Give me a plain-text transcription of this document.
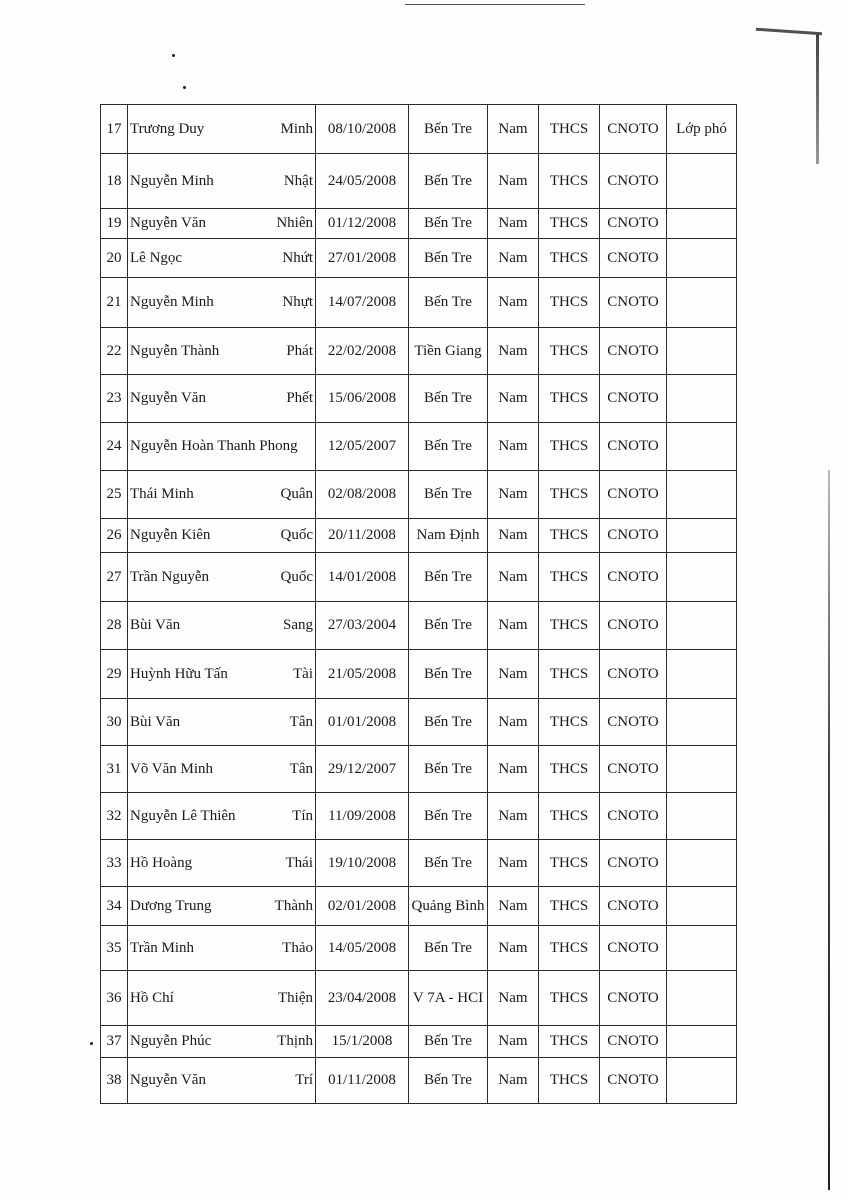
17	Trương Duy	Minh	08/10/2008	Bến Tre	Nam	THCS	CNOTO	Lớp phó
18	Nguyễn Minh	Nhật	24/05/2008	Bến Tre	Nam	THCS	CNOTO	
19	Nguyễn Văn	Nhiên	01/12/2008	Bến Tre	Nam	THCS	CNOTO	
20	Lê Ngọc	Nhứt	27/01/2008	Bến Tre	Nam	THCS	CNOTO	
21	Nguyễn Minh	Nhựt	14/07/2008	Bến Tre	Nam	THCS	CNOTO	
22	Nguyễn Thành	Phát	22/02/2008	Tiền Giang	Nam	THCS	CNOTO	
23	Nguyễn Văn	Phết	15/06/2008	Bến Tre	Nam	THCS	CNOTO	
24	Nguyễn Hoàn Thanh Phong		12/05/2007	Bến Tre	Nam	THCS	CNOTO	
25	Thái Minh	Quân	02/08/2008	Bến Tre	Nam	THCS	CNOTO	
26	Nguyễn Kiên	Quốc	20/11/2008	Nam Định	Nam	THCS	CNOTO	
27	Trần Nguyễn	Quốc	14/01/2008	Bến Tre	Nam	THCS	CNOTO	
28	Bùi Văn	Sang	27/03/2004	Bến Tre	Nam	THCS	CNOTO	
29	Huỳnh Hữu Tấn	Tài	21/05/2008	Bến Tre	Nam	THCS	CNOTO	
30	Bùi Văn	Tân	01/01/2008	Bến Tre	Nam	THCS	CNOTO	
31	Võ Văn Minh	Tân	29/12/2007	Bến Tre	Nam	THCS	CNOTO	
32	Nguyễn Lê Thiên	Tín	11/09/2008	Bến Tre	Nam	THCS	CNOTO	
33	Hồ Hoàng	Thái	19/10/2008	Bến Tre	Nam	THCS	CNOTO	
34	Dương Trung	Thành	02/01/2008	Quảng Bình	Nam	THCS	CNOTO	
35	Trần Minh	Thảo	14/05/2008	Bến Tre	Nam	THCS	CNOTO	
36	Hồ Chí	Thiện	23/04/2008	V 7A - HCI	Nam	THCS	CNOTO	
37	Nguyễn Phúc	Thịnh	15/1/2008	Bến Tre	Nam	THCS	CNOTO	
38	Nguyễn Văn	Trí	01/11/2008	Bến Tre	Nam	THCS	CNOTO	
